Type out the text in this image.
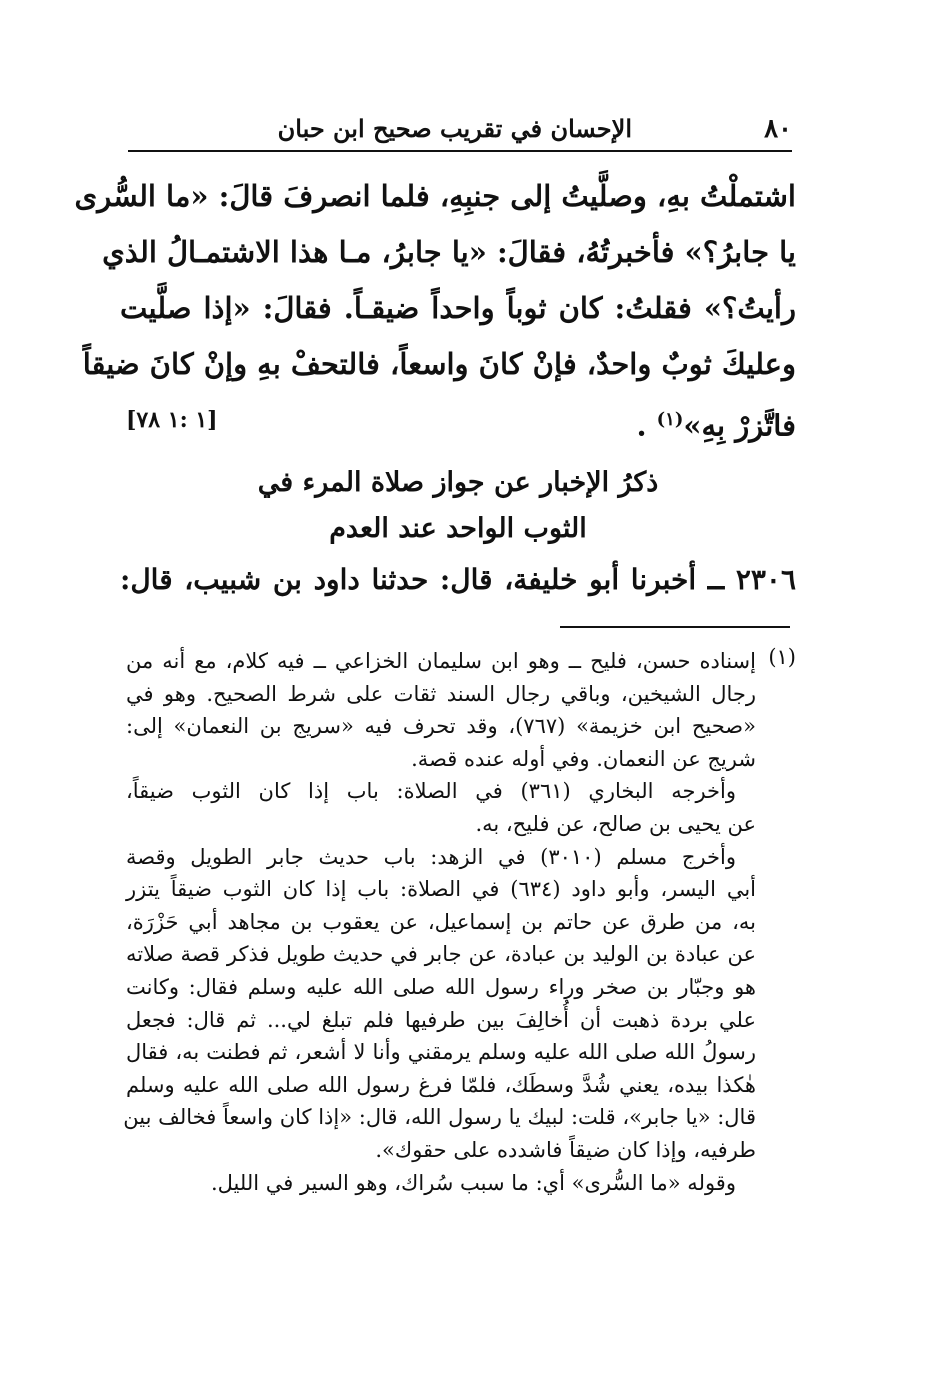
٨٠
الإحسان في تقريب صحيح ابن حبان
اشتملْتُ بهِ، وصلَّيتُ إلى جنبِهِ، فلما انصرفَ قالَ: «ما السُّرى
يا جابرُ؟» فأخبرتُهُ، فقالَ: «يا جابرُ، مـا هذا الاشتمـالُ الذي
رأيتُ؟» فقلتُ: كان ثوباً واحداً ضيقـاً. فقالَ: «إذا صلَّيت
وعليكَ ثوبٌ واحدٌ، فإنْ كانَ واسعاً، فالتحفْ بهِ وإنْ كانَ ضيقاً
فاتَّزرْ بِهِ»$^{(١)}$ .
[١ :١ ٧٨]
ذكرُ الإخبار عن جواز صلاة المرء في
الثوب الواحد عند العدم
٢٣٠٦ ــ أخبرنا أبو خليفة، قال: حدثنا داود بن شبيب، قال:
(١)
إسناده حسن، فليح ــ وهو ابن سليمان الخزاعي ــ فيه كلام، مع أنه من
رجال الشيخين، وباقي رجال السند ثقات على شرط الصحيح. وهو في
«صحيح ابن خزيمة» (٧٦٧)، وقد تحرف فيه «سريج بن النعمان» إلى:
شريج عن النعمان. وفي أوله عنده قصة.
وأخرجه البخاري (٣٦١) في الصلاة: باب إذا كان الثوب ضيقاً،
عن يحيى بن صالح، عن فليح، به.
وأخرج مسلم (٣٠١٠) في الزهد: باب حديث جابر الطويل وقصة
أبي اليسر، وأبو داود (٦٣٤) في الصلاة: باب إذا كان الثوب ضيقاً يتزر
به، من طرق عن حاتم بن إسماعيل، عن يعقوب بن مجاهد أبي حَزْرَة،
عن عبادة بن الوليد بن عبادة، عن جابر في حديث طويل فذكر قصة صلاته
هو وجبّار بن صخر وراء رسول الله صلى الله عليه وسلم فقال: وكانت
علي بردة ذهبت أن أُخالِفَ بين طرفيها فلم تبلغ لي... ثم قال: فجعل
رسولُ الله صلى الله عليه وسلم يرمقني وأنا لا أشعر، ثم فطنت به، فقال
هٰكذا بيده، يعني شُدَّ وسطَك، فلمّا فرغ رسول الله صلى الله عليه وسلم
قال: «يا جابر»، قلت: لبيك يا رسول الله، قال: «إذا كان واسعاً فخالف بين
طرفيه، وإذا كان ضيقاً فاشدده على حقوك».
وقوله «ما السُّرى» أي: ما سبب سُراك، وهو السير في الليل.
